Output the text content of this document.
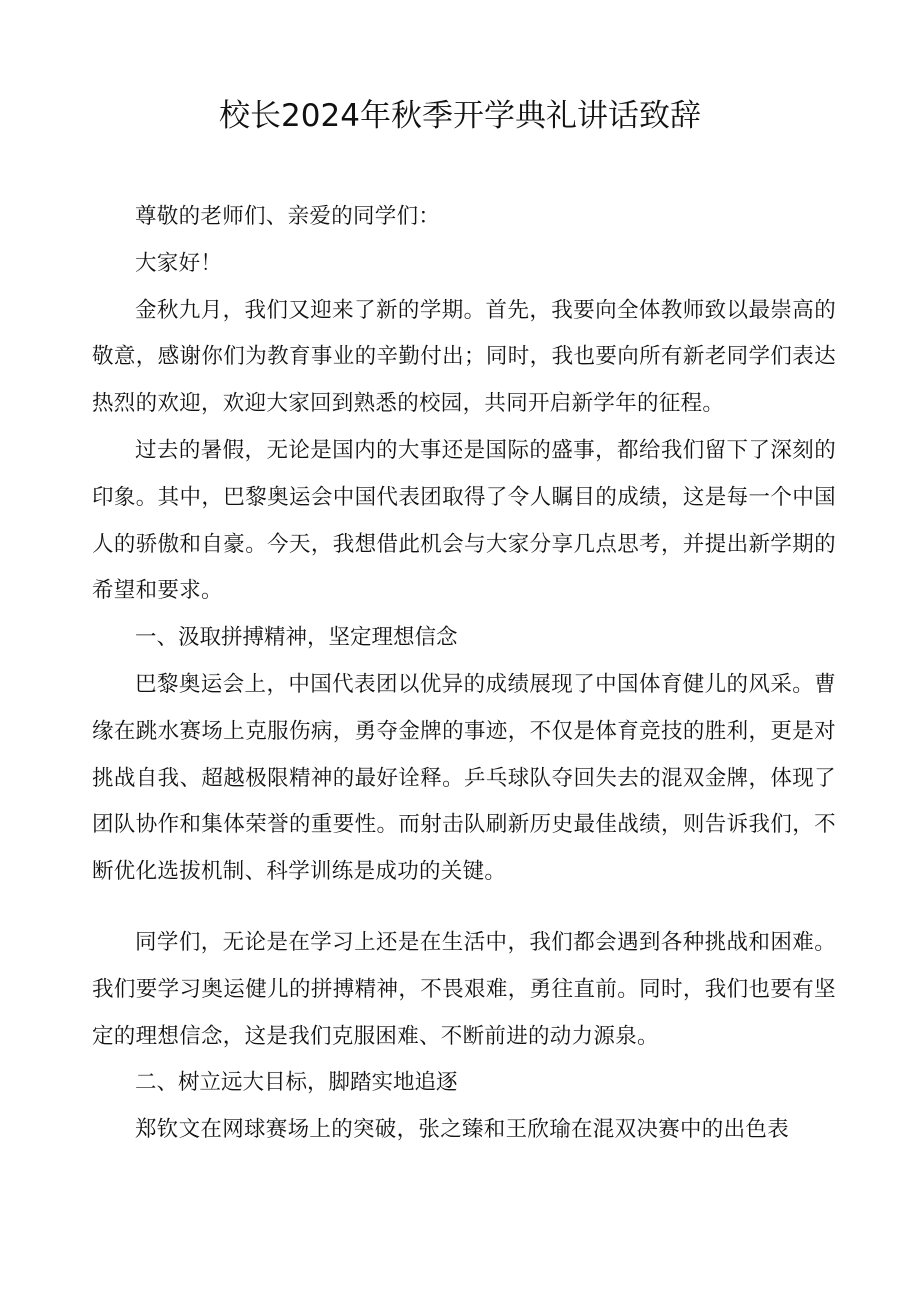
校长2024年秋季开学典礼讲话致辞

尊敬的老师们、亲爱的同学们：

大家好！

金秋九月，我们又迎来了新的学期。首先，我要向全体教师致以最崇高的敬意，感谢你们为教育事业的辛勤付出；同时，我也要向所有新老同学们表达热烈的欢迎，欢迎大家回到熟悉的校园，共同开启新学年的征程。

过去的暑假，无论是国内的大事还是国际的盛事，都给我们留下了深刻的印象。其中，巴黎奥运会中国代表团取得了令人瞩目的成绩，这是每一个中国人的骄傲和自豪。今天，我想借此机会与大家分享几点思考，并提出新学期的希望和要求。

一、汲取拼搏精神，坚定理想信念

巴黎奥运会上，中国代表团以优异的成绩展现了中国体育健儿的风采。曹缘在跳水赛场上克服伤病，勇夺金牌的事迹，不仅是体育竞技的胜利，更是对挑战自我、超越极限精神的最好诠释。乒乓球队夺回失去的混双金牌，体现了团队协作和集体荣誉的重要性。而射击队刷新历史最佳战绩，则告诉我们，不断优化选拔机制、科学训练是成功的关键。

同学们，无论是在学习上还是在生活中，我们都会遇到各种挑战和困难。我们要学习奥运健儿的拼搏精神，不畏艰难，勇往直前。同时，我们也要有坚定的理想信念，这是我们克服困难、不断前进的动力源泉。

二、树立远大目标，脚踏实地追逐

郑钦文在网球赛场上的突破，张之臻和王欣瑜在混双决赛中的出色表
